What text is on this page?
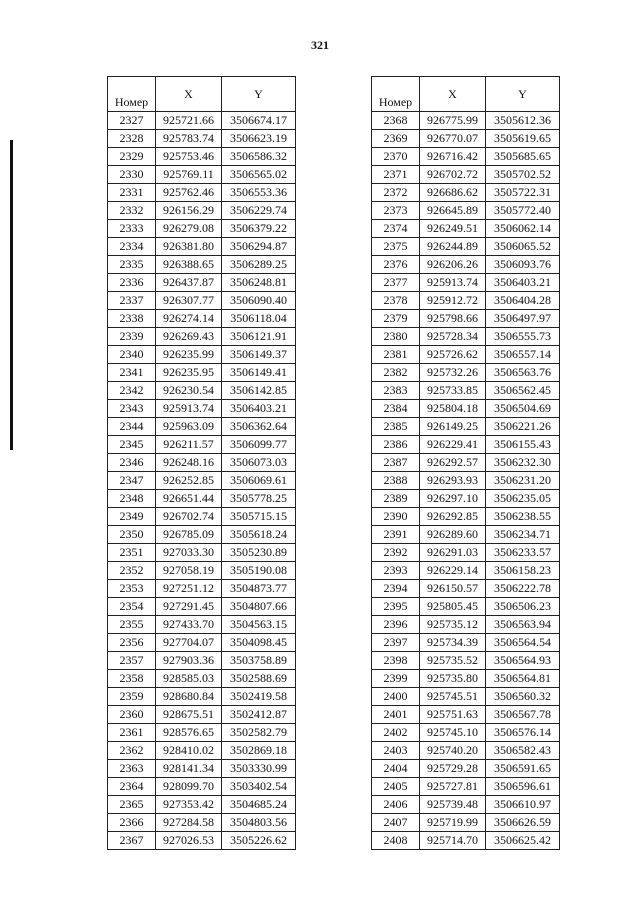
321
Номер	X	Y
2327	925721.66	3506674.17
2328	925783.74	3506623.19
2329	925753.46	3506586.32
2330	925769.11	3506565.02
2331	925762.46	3506553.36
2332	926156.29	3506229.74
2333	926279.08	3506379.22
2334	926381.80	3506294.87
2335	926388.65	3506289.25
2336	926437.87	3506248.81
2337	926307.77	3506090.40
2338	926274.14	3506118.04
2339	926269.43	3506121.91
2340	926235.99	3506149.37
2341	926235.95	3506149.41
2342	926230.54	3506142.85
2343	925913.74	3506403.21
2344	925963.09	3506362.64
2345	926211.57	3506099.77
2346	926248.16	3506073.03
2347	926252.85	3506069.61
2348	926651.44	3505778.25
2349	926702.74	3505715.15
2350	926785.09	3505618.24
2351	927033.30	3505230.89
2352	927058.19	3505190.08
2353	927251.12	3504873.77
2354	927291.45	3504807.66
2355	927433.70	3504563.15
2356	927704.07	3504098.45
2357	927903.36	3503758.89
2358	928585.03	3502588.69
2359	928680.84	3502419.58
2360	928675.51	3502412.87
2361	928576.65	3502582.79
2362	928410.02	3502869.18
2363	928141.34	3503330.99
2364	928099.70	3503402.54
2365	927353.42	3504685.24
2366	927284.58	3504803.56
2367	927026.53	3505226.62
Номер	X	Y
2368	926775.99	3505612.36
2369	926770.07	3505619.65
2370	926716.42	3505685.65
2371	926702.72	3505702.52
2372	926686.62	3505722.31
2373	926645.89	3505772.40
2374	926249.51	3506062.14
2375	926244.89	3506065.52
2376	926206.26	3506093.76
2377	925913.74	3506403.21
2378	925912.72	3506404.28
2379	925798.66	3506497.97
2380	925728.34	3506555.73
2381	925726.62	3506557.14
2382	925732.26	3506563.76
2383	925733.85	3506562.45
2384	925804.18	3506504.69
2385	926149.25	3506221.26
2386	926229.41	3506155.43
2387	926292.57	3506232.30
2388	926293.93	3506231.20
2389	926297.10	3506235.05
2390	926292.85	3506238.55
2391	926289.60	3506234.71
2392	926291.03	3506233.57
2393	926229.14	3506158.23
2394	926150.57	3506222.78
2395	925805.45	3506506.23
2396	925735.12	3506563.94
2397	925734.39	3506564.54
2398	925735.52	3506564.93
2399	925735.80	3506564.81
2400	925745.51	3506560.32
2401	925751.63	3506567.78
2402	925745.10	3506576.14
2403	925740.20	3506582.43
2404	925729.28	3506591.65
2405	925727.81	3506596.61
2406	925739.48	3506610.97
2407	925719.99	3506626.59
2408	925714.70	3506625.42
